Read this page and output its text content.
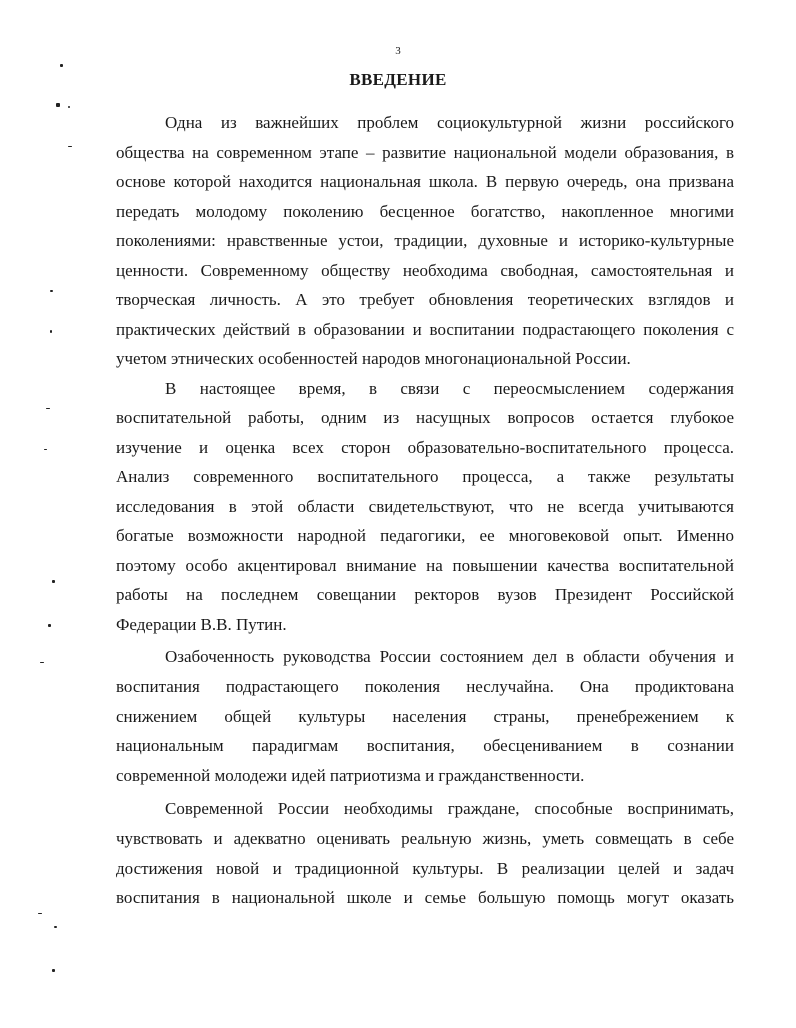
3
ВВЕДЕНИЕ
Одна из важнейших проблем социокультурной жизни российского
общества на современном этапе – развитие национальной модели образования, в
основе которой находится национальная школа. В первую очередь, она призвана
передать молодому поколению бесценное богатство, накопленное многими
поколениями: нравственные устои, традиции, духовные и историко-культурные
ценности. Современному обществу необходима свободная, самостоятельная и
творческая личность. А это требует обновления теоретических взглядов и
практических действий в образовании и воспитании подрастающего поколения с
учетом этнических особенностей народов многонациональной России.
В настоящее время, в связи с переосмыслением содержания
воспитательной работы, одним из насущных вопросов остается глубокое
изучение и оценка всех сторон образовательно-воспитательного процесса.
Анализ современного воспитательного процесса, а также результаты
исследования в этой области свидетельствуют, что не всегда учитываются
богатые возможности народной педагогики, ее многовековой опыт. Именно
поэтому особо акцентировал внимание на повышении качества воспитательной
работы на последнем совещании ректоров вузов Президент Российской
Федерации В.В. Путин.
Озабоченность руководства России состоянием дел в области обучения и
воспитания подрастающего поколения неслучайна. Она продиктована
снижением общей культуры населения страны, пренебрежением к
национальным парадигмам воспитания, обесцениванием в сознании
современной молодежи идей патриотизма и гражданственности.
Современной России необходимы граждане, способные воспринимать,
чувствовать и адекватно оценивать реальную жизнь, уметь совмещать в себе
достижения новой и традиционной культуры. В реализации целей и задач
воспитания в национальной школе и семье большую помощь могут оказать
